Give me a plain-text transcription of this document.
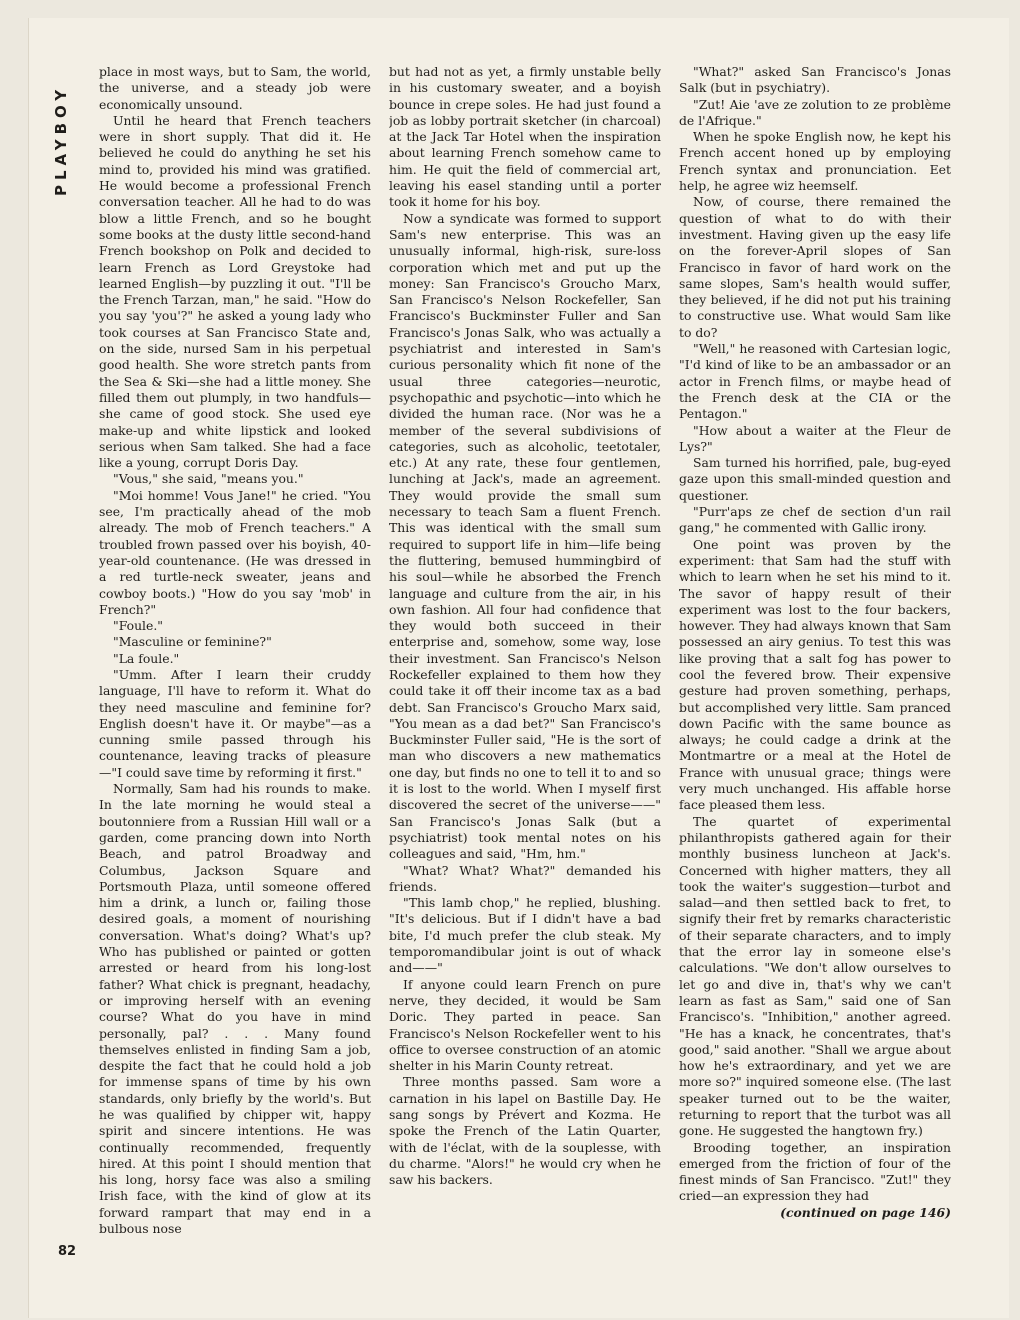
PLAYBOY

place in most ways, but to Sam, the world, the universe, and a steady job were economically unsound.

Until he heard that French teachers were in short supply. That did it. He believed he could do anything he set his mind to, provided his mind was gratified. He would become a professional French conversation teacher. All he had to do was blow a little French, and so he bought some books at the dusty little second-hand French bookshop on Polk and decided to learn French as Lord Greystoke had learned English—by puzzling it out. "I'll be the French Tarzan, man," he said. "How do you say 'you'?" he asked a young lady who took courses at San Francisco State and, on the side, nursed Sam in his perpetual good health. She wore stretch pants from the Sea & Ski—she had a little money. She filled them out plumply, in two handfuls—she came of good stock. She used eye make-up and white lipstick and looked serious when Sam talked. She had a face like a young, corrupt Doris Day.

"Vous," she said, "means you."

"Moi homme! Vous Jane!" he cried. "You see, I'm practically ahead of the mob already. The mob of French teachers." A troubled frown passed over his boyish, 40-year-old countenance. (He was dressed in a red turtle-neck sweater, jeans and cowboy boots.) "How do you say 'mob' in French?"

"Foule."

"Masculine or feminine?"

"La foule."

"Umm. After I learn their cruddy language, I'll have to reform it. What do they need masculine and feminine for? English doesn't have it. Or maybe"—as a cunning smile passed through his countenance, leaving tracks of pleasure—"I could save time by reforming it first."

Normally, Sam had his rounds to make. In the late morning he would steal a boutonniere from a Russian Hill wall or a garden, come prancing down into North Beach, and patrol Broadway and Columbus, Jackson Square and Portsmouth Plaza, until someone offered him a drink, a lunch or, failing those desired goals, a moment of nourishing conversation. What's doing? What's up? Who has published or painted or gotten arrested or heard from his long-lost father? What chick is pregnant, headachy, or improving herself with an evening course? What do you have in mind personally, pal? . . . Many found themselves enlisted in finding Sam a job, despite the fact that he could hold a job for immense spans of time by his own standards, only briefly by the world's. But he was qualified by chipper wit, happy spirit and sincere intentions. He was continually recommended, frequently hired. At this point I should mention that his long, horsy face was also a smiling Irish face, with the kind of glow at its forward rampart that may end in a bulbous nose

but had not as yet, a firmly unstable belly in his customary sweater, and a boyish bounce in crepe soles. He had just found a job as lobby portrait sketcher (in charcoal) at the Jack Tar Hotel when the inspiration about learning French somehow came to him. He quit the field of commercial art, leaving his easel standing until a porter took it home for his boy.

Now a syndicate was formed to support Sam's new enterprise. This was an unusually informal, high-risk, sure-loss corporation which met and put up the money: San Francisco's Groucho Marx, San Francisco's Nelson Rockefeller, San Francisco's Buckminster Fuller and San Francisco's Jonas Salk, who was actually a psychiatrist and interested in Sam's curious personality which fit none of the usual three categories—neurotic, psychopathic and psychotic—into which he divided the human race. (Nor was he a member of the several subdivisions of categories, such as alcoholic, teetotaler, etc.) At any rate, these four gentlemen, lunching at Jack's, made an agreement. They would provide the small sum necessary to teach Sam a fluent French. This was identical with the small sum required to support life in him—life being the fluttering, bemused hummingbird of his soul—while he absorbed the French language and culture from the air, in his own fashion. All four had confidence that they would both succeed in their enterprise and, somehow, some way, lose their investment. San Francisco's Nelson Rockefeller explained to them how they could take it off their income tax as a bad debt. San Francisco's Groucho Marx said, "You mean as a dad bet?" San Francisco's Buckminster Fuller said, "He is the sort of man who discovers a new mathematics one day, but finds no one to tell it to and so it is lost to the world. When I myself first discovered the secret of the universe——" San Francisco's Jonas Salk (but a psychiatrist) took mental notes on his colleagues and said, "Hm, hm."

"What? What? What?" demanded his friends.

"This lamb chop," he replied, blushing. "It's delicious. But if I didn't have a bad bite, I'd much prefer the club steak. My temporomandibular joint is out of whack and——"

If anyone could learn French on pure nerve, they decided, it would be Sam Doric. They parted in peace. San Francisco's Nelson Rockefeller went to his office to oversee construction of an atomic shelter in his Marin County retreat.

Three months passed. Sam wore a carnation in his lapel on Bastille Day. He sang songs by Prévert and Kozma. He spoke the French of the Latin Quarter, with de l'éclat, with de la souplesse, with du charme. "Alors!" he would cry when he saw his backers.

"What?" asked San Francisco's Jonas Salk (but in psychiatry).

"Zut! Aie 'ave ze zolution to ze problème de l'Afrique."

When he spoke English now, he kept his French accent honed up by employing French syntax and pronunciation. Eet help, he agree wiz heemself.

Now, of course, there remained the question of what to do with their investment. Having given up the easy life on the forever-April slopes of San Francisco in favor of hard work on the same slopes, Sam's health would suffer, they believed, if he did not put his training to constructive use. What would Sam like to do?

"Well," he reasoned with Cartesian logic, "I'd kind of like to be an ambassador or an actor in French films, or maybe head of the French desk at the CIA or the Pentagon."

"How about a waiter at the Fleur de Lys?"

Sam turned his horrified, pale, bug-eyed gaze upon this small-minded question and questioner.

"Purr'aps ze chef de section d'un rail gang," he commented with Gallic irony.

One point was proven by the experiment: that Sam had the stuff with which to learn when he set his mind to it. The savor of happy result of their experiment was lost to the four backers, however. They had always known that Sam possessed an airy genius. To test this was like proving that a salt fog has power to cool the fevered brow. Their expensive gesture had proven something, perhaps, but accomplished very little. Sam pranced down Pacific with the same bounce as always; he could cadge a drink at the Montmartre or a meal at the Hotel de France with unusual grace; things were very much unchanged. His affable horse face pleased them less.

The quartet of experimental philanthropists gathered again for their monthly business luncheon at Jack's. Concerned with higher matters, they all took the waiter's suggestion—turbot and salad—and then settled back to fret, to signify their fret by remarks characteristic of their separate characters, and to imply that the error lay in someone else's calculations. "We don't allow ourselves to let go and dive in, that's why we can't learn as fast as Sam," said one of San Francisco's. "Inhibition," another agreed. "He has a knack, he concentrates, that's good," said another. "Shall we argue about how he's extraordinary, and yet we are more so?" inquired someone else. (The last speaker turned out to be the waiter, returning to report that the turbot was all gone. He suggested the hangtown fry.)

Brooding together, an inspiration emerged from the friction of four of the finest minds of San Francisco. "Zut!" they cried—an expression they had

(continued on page 146)

82
